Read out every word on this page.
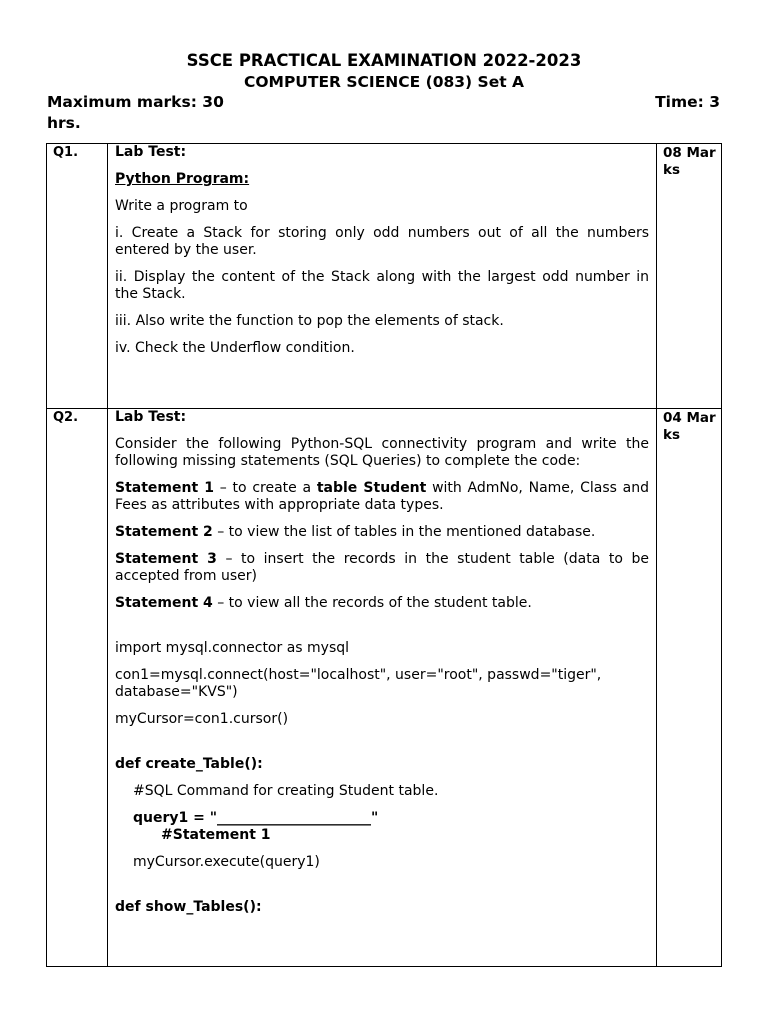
SSCE PRACTICAL EXAMINATION 2022-2023
COMPUTER SCIENCE (083) Set A
Maximum marks: 30	Time: 3
hrs.
Q1.	Lab Test:

Python Program:

Write a program to

i. Create a Stack for storing only odd numbers out of all the numbers entered by the user.

ii. Display the content of the Stack along with the largest odd number in the Stack.

iii. Also write the function to pop the elements of stack.

iv. Check the Underflow condition.

	08 Marks
Q2.	Lab Test:

Consider the following Python-SQL connectivity program and write the following missing statements (SQL Queries) to complete the code:

Statement 1 – to create a table Student with AdmNo, Name, Class and Fees as attributes with appropriate data types.

Statement 2 – to view the list of tables in the mentioned database.

Statement 3 – to insert the records in the student table (data to be accepted from user)

Statement 4 – to view all the records of the student table.

import mysql.connector as mysql

con1=mysql.connect(host="localhost", user="root", passwd="tiger", database="KVS")

myCursor=con1.cursor()

def create_Table():

#SQL Command for creating Student table.

query1 = "______________________"

#Statement 1

myCursor.execute(query1)

def show_Tables():

	04 Marks
